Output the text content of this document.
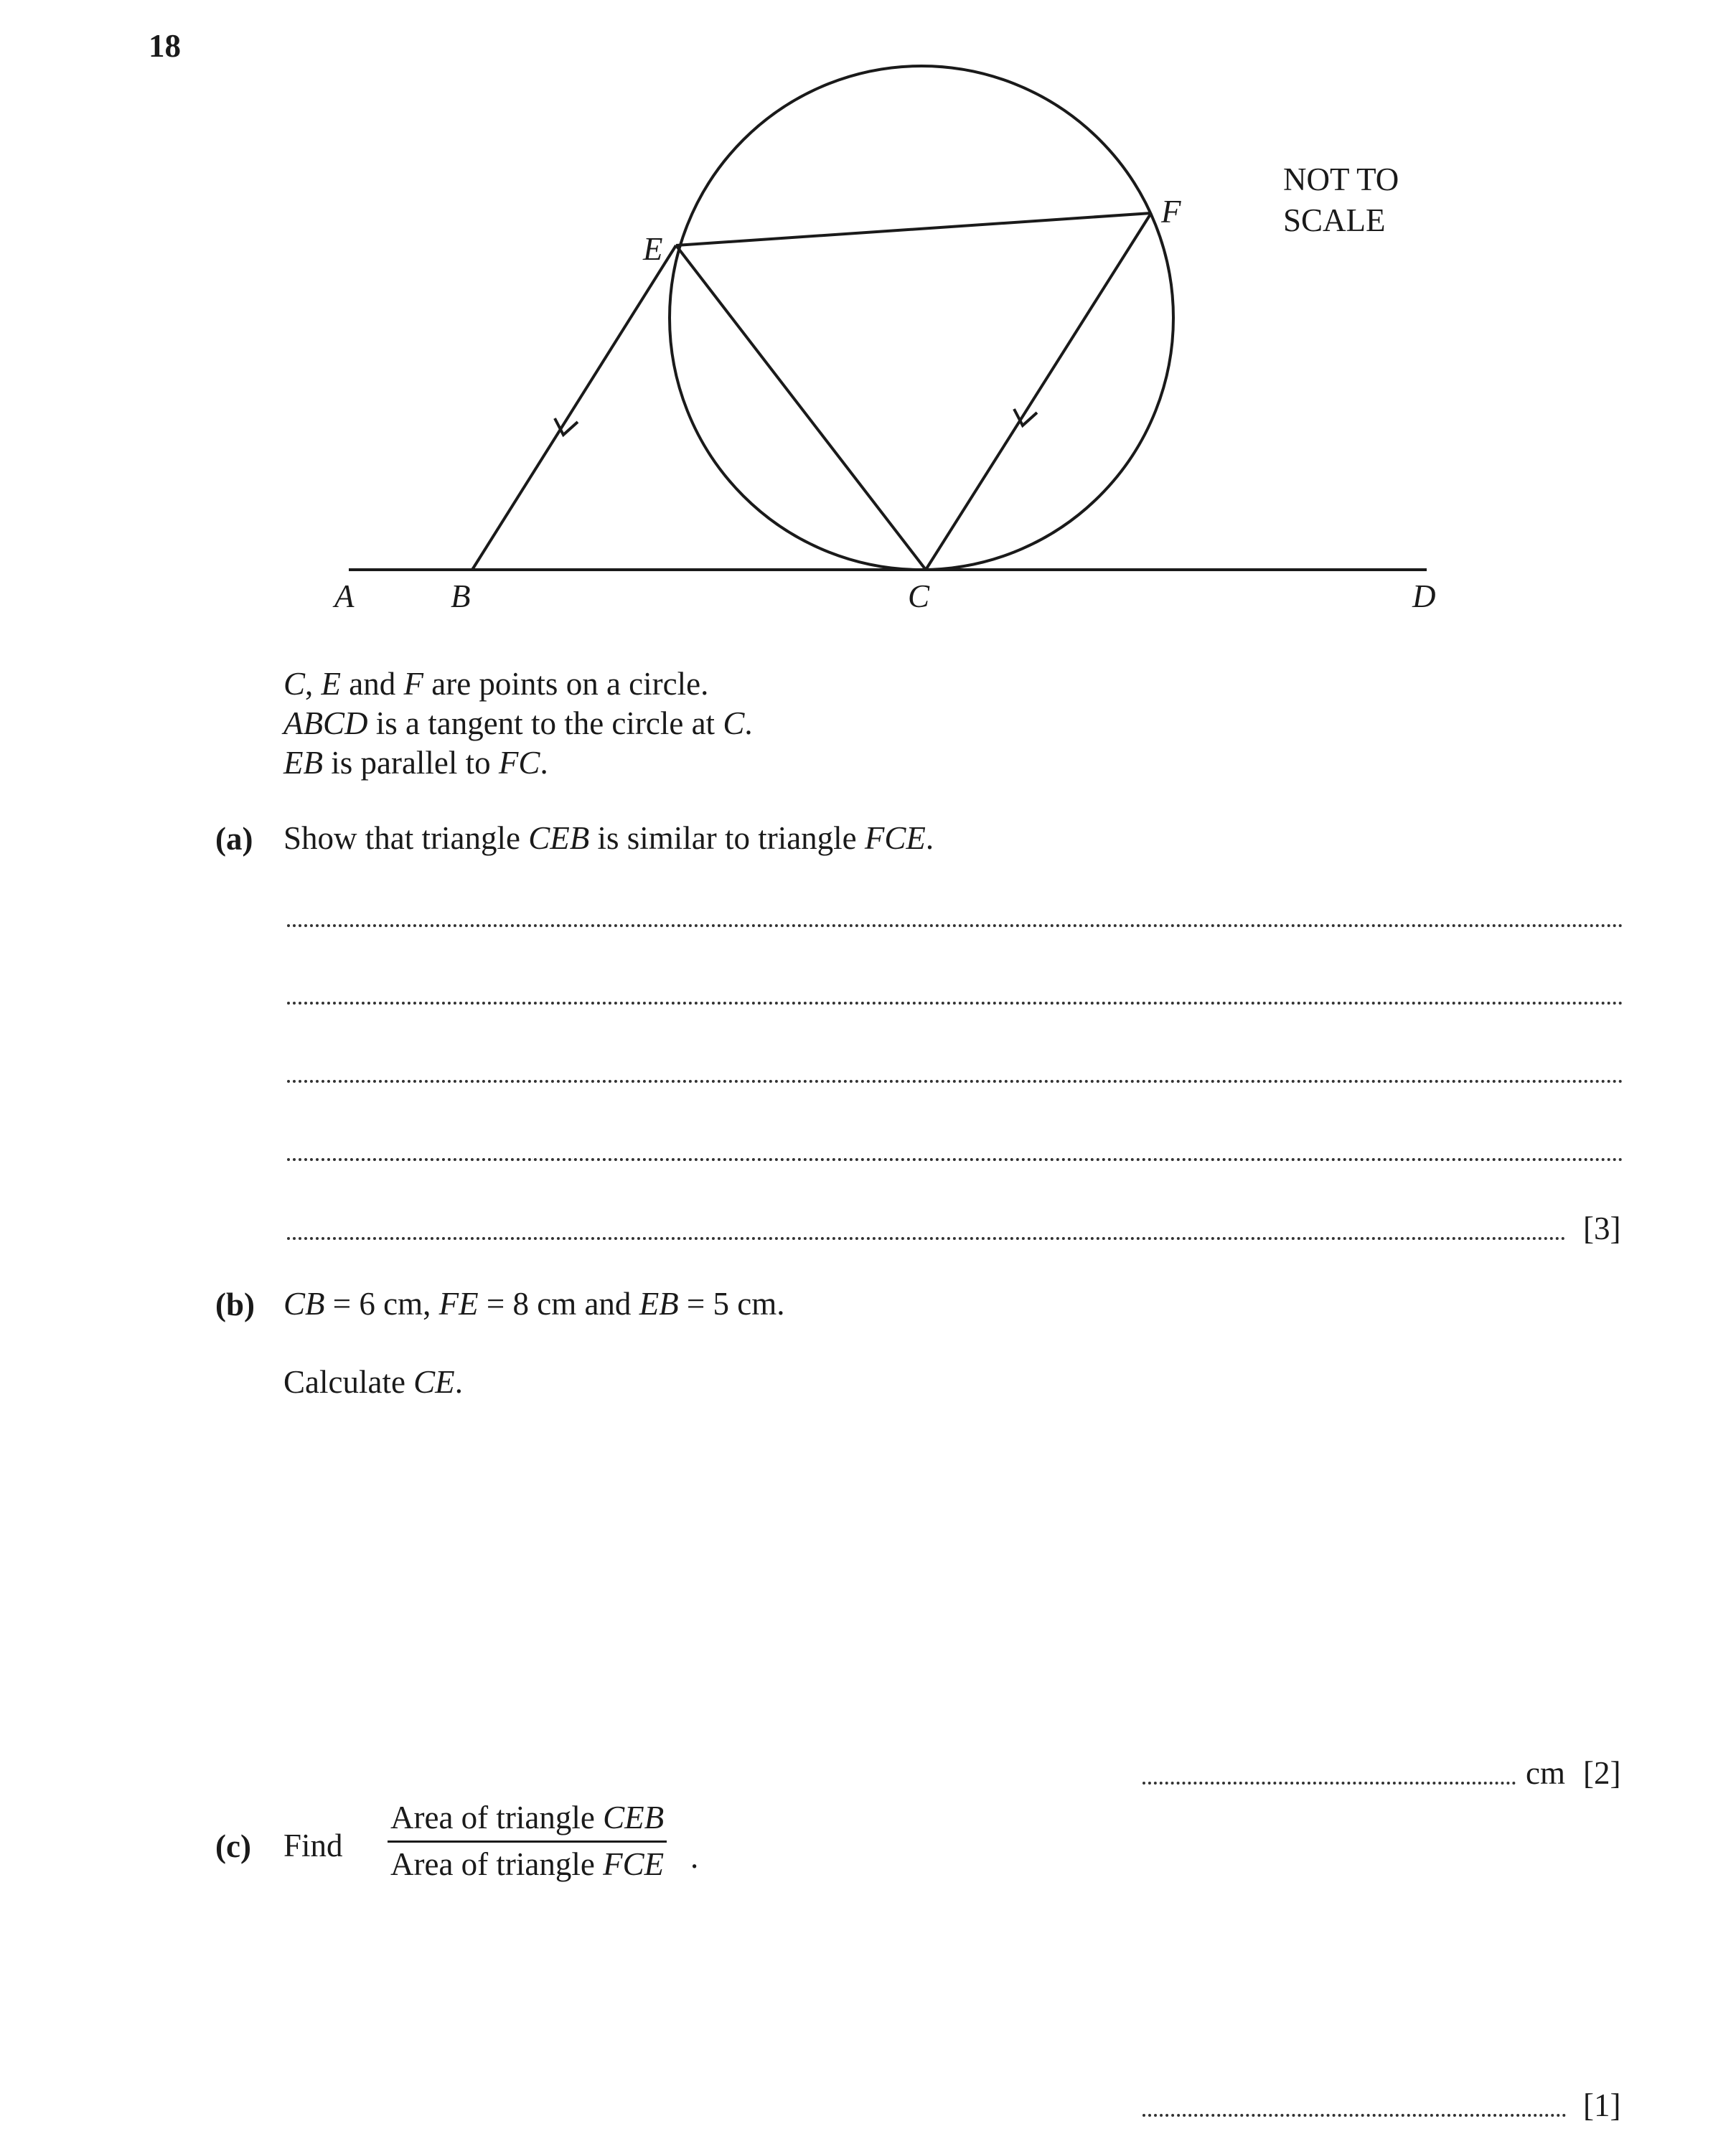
18
A	B	C	D
E
F
NOT TO
SCALE
C, E and F are points on a circle.
ABCD is a tangent to the circle at C.
EB is parallel to FC.
(a) Show that triangle CEB is similar to triangle FCE.
[3]
(b) CB = 6 cm, FE = 8 cm and EB = 5 cm.
Calculate CE.
cm [2]
(c) Find $\frac{\text{Area of triangle CEB}}{\text{Area of triangle FCE}}$ .
[1]
